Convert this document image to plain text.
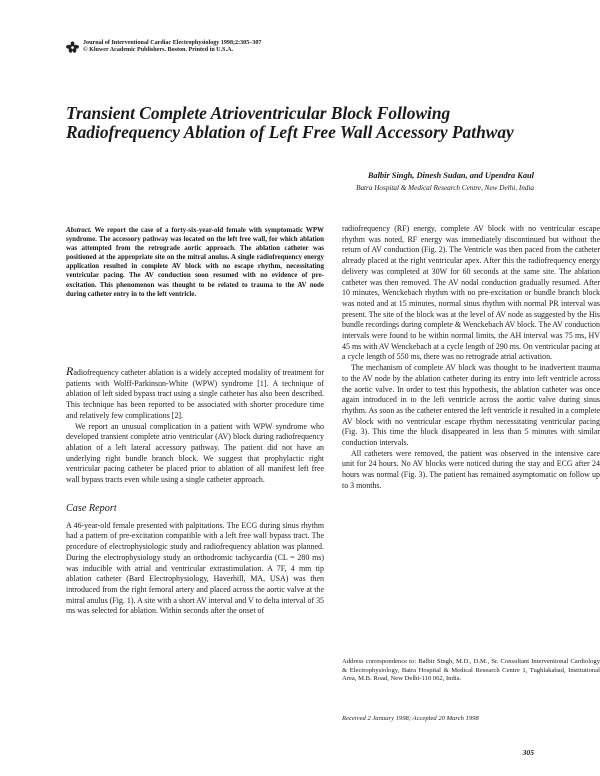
Journal of Interventional Cardiac Electrophysiology 1998;2:305–307
© Kluwer Academic Publishers. Boston. Printed in U.S.A.
Transient Complete Atrioventricular Block Following Radiofrequency Ablation of Left Free Wall Accessory Pathway
Balbir Singh, Dinesh Sudan, and Upendra Kaul
Batra Hospital & Medical Research Centre, New Delhi, India

Abstract. We report the case of a forty-six-year-old female with symptomatic WPW syndrome. The accessory pathway was located on the left free wall, for which ablation was attempted from the retrograde aortic approach. The ablation catheter was positioned at the appropriate site on the mitral anulus. A single radiofrequency energy application resulted in complete AV block with no escape rhythm, necessitating ventricular pacing. The AV conduction soon resumed with no evidence of pre-excitation. This phenomenon was thought to be related to trauma to the AV node during catheter entry in to the left ventricle.

Radiofrequency catheter ablation is a widely accepted modality of treatment for patients with Wolff-Parkinson-White (WPW) syndrome [1]. A technique of ablation of left sided bypass tract using a single catheter has also been described. This technique has been reported to be associated with shorter procedure time and relatively few complications [2].

We report an unusual complication in a patient with WPW syndrome who developed transient complete atrio ventricular (AV) block during radiofrequency ablation of a left lateral accessory pathway. The patient did not have an underlying right bundle branch block. We suggest that prophylactic right ventricular pacing catheter be placed prior to ablation of all manifest left free wall bypass tracts even while using a single catheter approach.

Case Report

A 46-year-old female presented with palpitations. The ECG during sinus rhythm had a pattern of pre-excitation compatible with a left free wall bypass tract. The procedure of electrophysiologic study and radiofrequency ablation was planned. During the electrophysiology study an orthodromic tachycardia (CL = 280 ms) was inducible with atrial and ventricular extrastimulation. A 7F, 4 mm tip ablation catheter (Bard Electrophysiology, Haverhill, MA, USA) was then introduced from the right femoral artery and placed across the aortic valve at the mitral anulus (Fig. 1). A site with a short AV interval and V to delta interval of 35 ms was selected for ablation. Within seconds after the onset of

radiofrequency (RF) energy, complete AV block with no ventricular escape rhythm was noted, RF energy was immediately discontinued but without the return of AV conduction (Fig. 2). The Ventricle was then paced from the catheter already placed at the right ventricular apex. After this the radiofrequency energy delivery was completed at 30W for 60 seconds at the same site. The ablation catheter was then removed. The AV nodal conduction gradually resumed. After 10 minutes, Wenckebach rhythm with no pre-excitation or bundle branch block was noted and at 15 minutes, normal sinus rhythm with normal PR interval was present. The site of the block was at the level of AV node as suggested by the His bundle recordings during complete & Wenckebach AV block. The AV conduction intervals were found to be within normal limits, the AH interval was 75 ms, HV 45 ms with AV Wenckebach at a cycle length of 290 ms. On ventricular pacing at a cycle length of 550 ms, there was no retrograde atrial activation.

The mechanism of complete AV block was thought to be inadvertent trauma to the AV node by the ablation catheter during its entry into left ventricle across the aortic valve. In order to test this hypothesis, the ablation catheter was once again introduced in to the left ventricle across the aortic valve during sinus rhythm. As soon as the catheter entered the left ventricle it resulted in a complete AV block with no ventricular escape rhythm necessitating ventricular pacing (Fig. 3). This time the block disappeared in less than 5 minutes with similar conduction intervals.

All catheters were removed, the patient was observed in the intensive care unit for 24 hours. No AV blocks were noticed during the stay and ECG after 24 hours was normal (Fig. 3). The patient has remained asymptomatic on follow up to 3 months.

Address correspondence to: Balbir Singh, M.D., D.M., Sr. Consultant Interventional Cardiology & Electrophysiology, Batra Hospital & Medical Research Centre 1, Tughlakabad, Institutional Area, M.B. Road, New Delhi-110 062, India.

Received 2 January 1998; Accepted 20 March 1998
305
